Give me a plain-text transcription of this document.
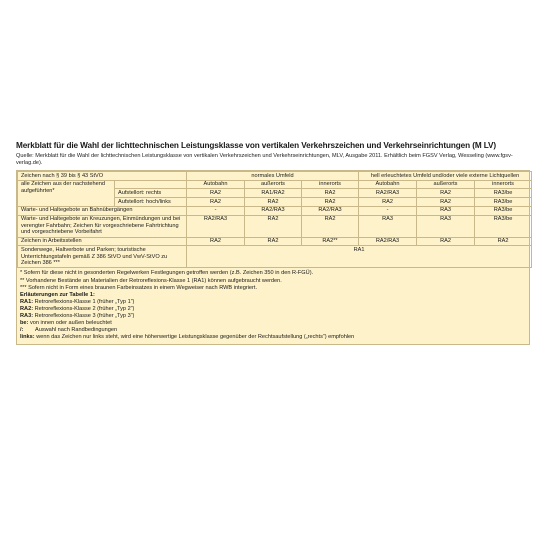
Merkblatt für die Wahl der lichttechnischen Leistungsklasse von vertikalen Verkehrszeichen und Verkehrseinrichtungen (M LV)
Quelle: Merkblatt für die Wahl der lichttechnischen Leistungsklasse von vertikalen Verkehrszeichen und Verkehrseinrichtungen, MLV, Ausgabe 2011. Erhältlich beim FGSV Verlag, Wesseling (www.fgsv-verlag.de).
Zeichen nach § 39 bis § 43 StVO		normales Umfeld			hell erleuchtetes Umfeld und/oder viele externe Lichtquellen		
alle Zeichen aus der nachstehend aufgeführten*		Autobahn	außerorts	innerorts	Autobahn	außerorts	innerorts
	Aufstellort: rechts	RA2	RA1/RA2	RA2	RA2/RA3	RA2	RA3/be
	Aufstellort: hoch/links	RA2	RA2	RA2	RA2	RA2	RA3/be
Warte- und Haltegebote an Bahnübergängen		-	RA2/RA3	RA2/RA3	-	RA3	RA3/be
Warte- und Haltegebote an Kreuzungen, Einmündungen und bei verengter Fahrbahn; Zeichen für vorgeschriebene Fahrtrichtung und vorgeschriebene Vorbeifahrt		RA2/RA3	RA2	RA2	RA3	RA3	RA3/be
Zeichen in Arbeitsstellen		RA2	RA2	RA2**	RA2/RA3	RA2	RA2
Sonderwege, Haltverbote und Parken; touristische Unterrichtungstafeln gemäß Z 386 StVO und VwV-StVO zu Zeichen 386 ***		RA1					
* Sofern für diese nicht in gesonderten Regelwerken Festlegungen getroffen werden (z.B. Zeichen 350 in den R-FGÜ).
** Vorhandene Bestände an Materialien der Retroreflexions-Klasse 1 (RA1) können aufgebraucht werden.
*** Sofern nicht in Form eines braunen Farbeinsatzes in einem Wegweiser nach RWB integriert.
Erläuterungen zur Tabelle 1:
RA1: Retroreflexions-Klasse 1 (früher „Typ 1“)
RA2: Retroreflexions-Klasse 2 (früher „Typ 2“)
RA3: Retroreflexions-Klasse 3 (früher „Typ 3“)
be: von innen oder außen beleuchtet
/: Auswahl nach Randbedingungen
links: wenn das Zeichen nur links steht, wird eine höherwertige Leistungsklasse gegenüber der Rechtsaufstellung („rechts“) empfohlen
